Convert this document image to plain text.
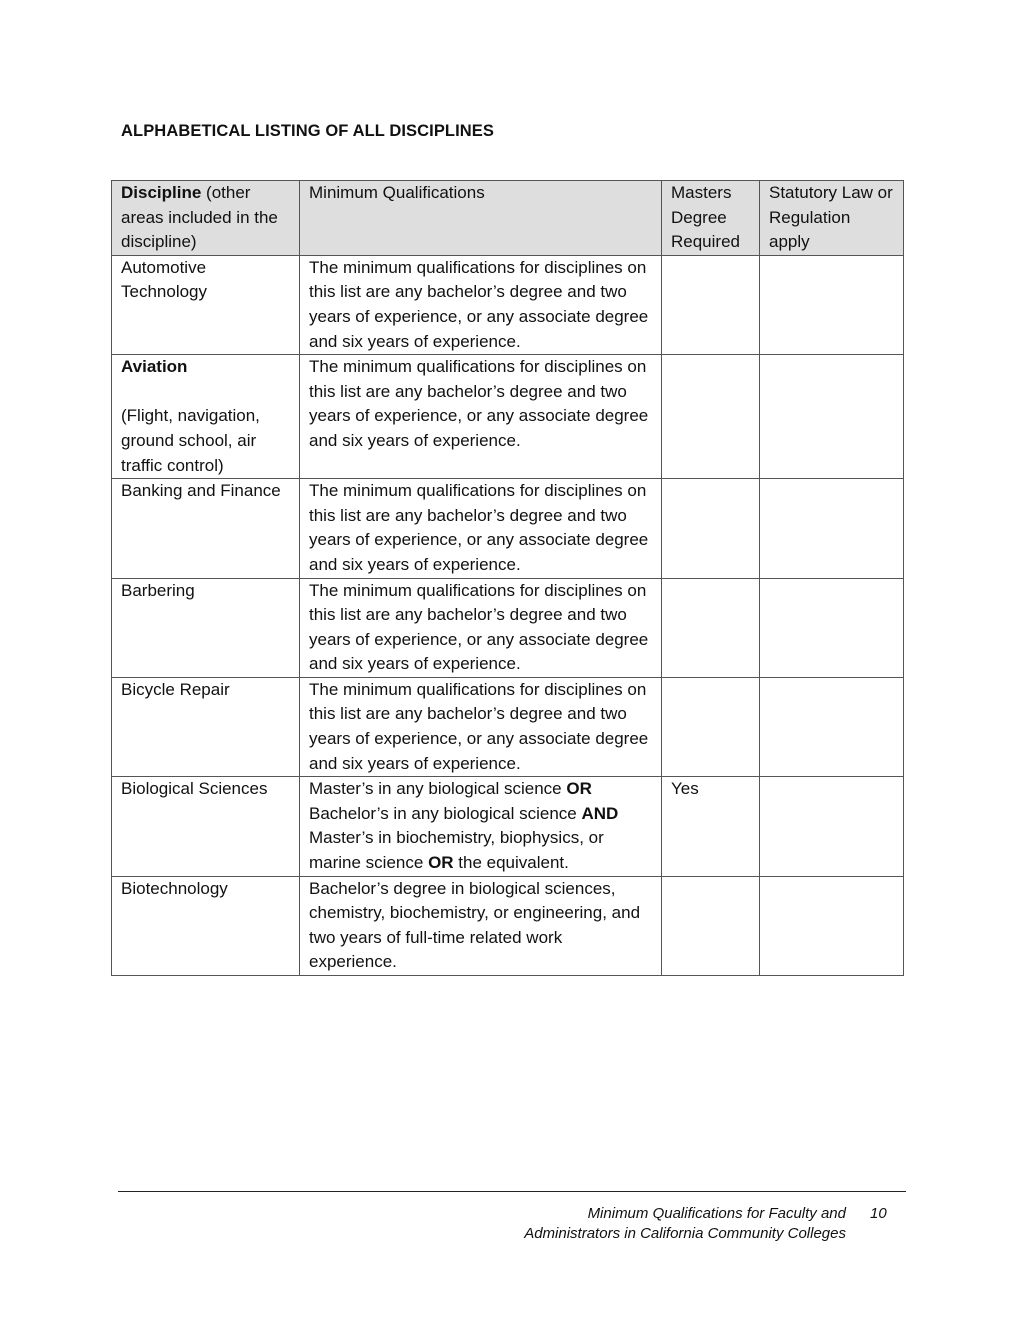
ALPHABETICAL LISTING OF ALL DISCIPLINES
Discipline (other areas included in the discipline)	Minimum Qualifications	Masters Degree Required	Statutory Law or Regulation apply
Automotive Technology	The minimum qualifications for disciplines on this list are any bachelor’s degree and two years of experience, or any associate degree and six years of experience.		

Aviation

(Flight, navigation, ground school, air traffic control)	The minimum qualifications for disciplines on this list are any bachelor’s degree and two years of experience, or any associate degree and six years of experience.		
Banking and Finance	The minimum qualifications for disciplines on this list are any bachelor’s degree and two years of experience, or any associate degree and six years of experience.		
Barbering	The minimum qualifications for disciplines on this list are any bachelor’s degree and two years of experience, or any associate degree and six years of experience.		
Bicycle Repair	The minimum qualifications for disciplines on this list are any bachelor’s degree and two years of experience, or any associate degree and six years of experience.		
Biological Sciences	Master’s in any biological science OR Bachelor’s in any biological science AND Master’s in biochemistry, biophysics, or marine science OR the equivalent.	Yes	
Biotechnology	Bachelor’s degree in biological sciences, chemistry, biochemistry, or engineering, and two years of full-time related work experience.		
Minimum Qualifications for Faculty and
Administrators in California Community Colleges
10
